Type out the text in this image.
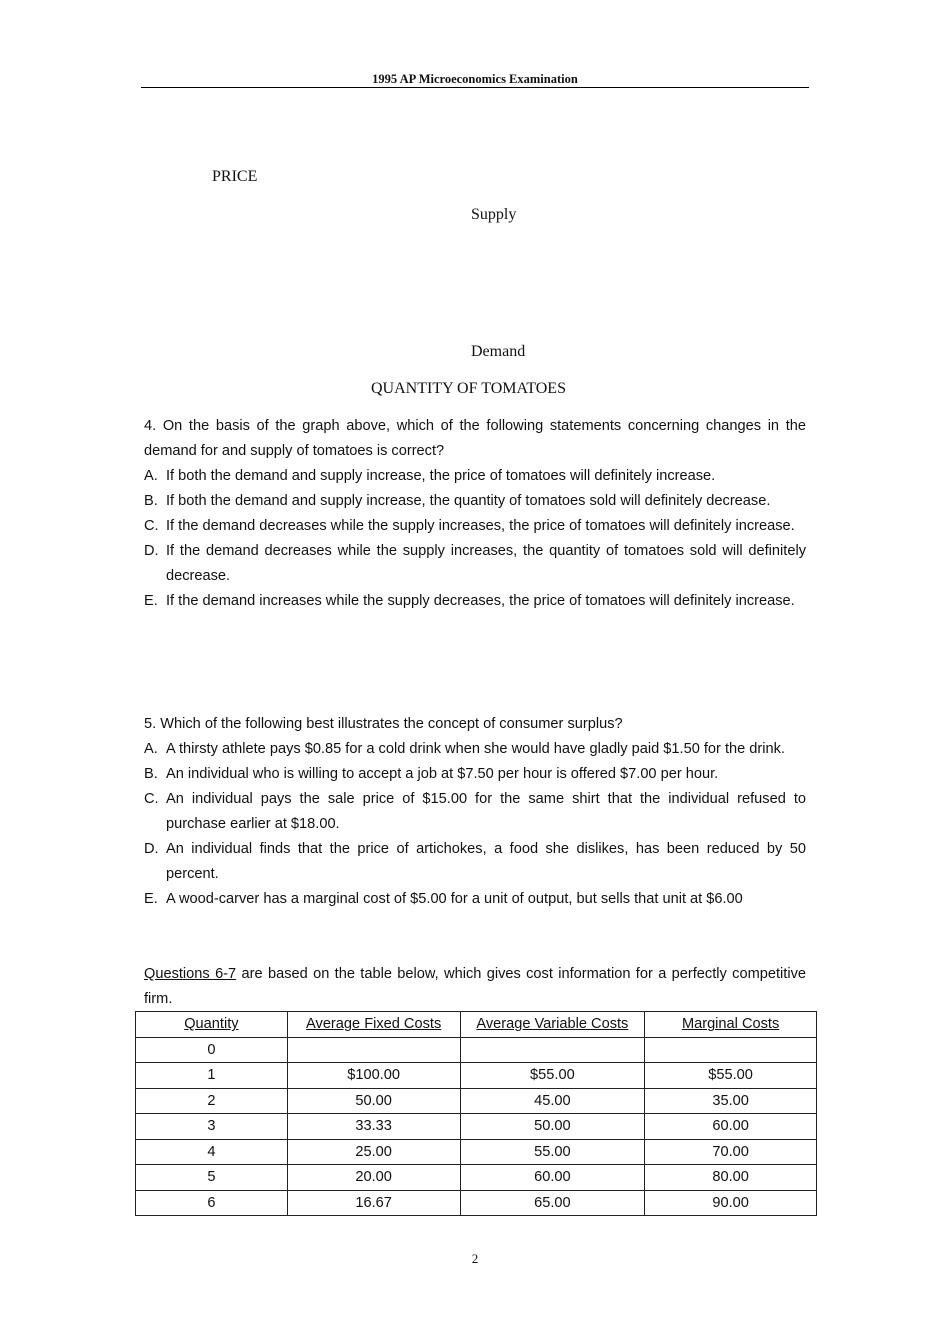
1995 AP Microeconomics Examination
PRICE
Supply
Demand
QUANTITY OF TOMATOES
4. On the basis of the graph above, which of the following statements concerning changes in the demand for and supply of tomatoes is correct?
A. If both the demand and supply increase, the price of tomatoes will definitely increase.
B. If both the demand and supply increase, the quantity of tomatoes sold will definitely decrease.
C. If the demand decreases while the supply increases, the price of tomatoes will definitely increase.
D. If the demand decreases while the supply increases, the quantity of tomatoes sold will definitely decrease.
E. If the demand increases while the supply decreases, the price of tomatoes will definitely increase.
5. Which of the following best illustrates the concept of consumer surplus?
A. A thirsty athlete pays $0.85 for a cold drink when she would have gladly paid $1.50 for the drink.
B. An individual who is willing to accept a job at $7.50 per hour is offered $7.00 per hour.
C. An individual pays the sale price of $15.00 for the same shirt that the individual refused to purchase earlier at $18.00.
D. An individual finds that the price of artichokes, a food she dislikes, has been reduced by 50 percent.
E. A wood-carver has a marginal cost of $5.00 for a unit of output, but sells that unit at $6.00
Questions 6-7 are based on the table below, which gives cost information for a perfectly competitive firm.
Quantity	Average Fixed Costs	Average Variable Costs	Marginal Costs
0			
1	$100.00	$55.00	$55.00
2	50.00	45.00	35.00
3	33.33	50.00	60.00
4	25.00	55.00	70.00
5	20.00	60.00	80.00
6	16.67	65.00	90.00
2
